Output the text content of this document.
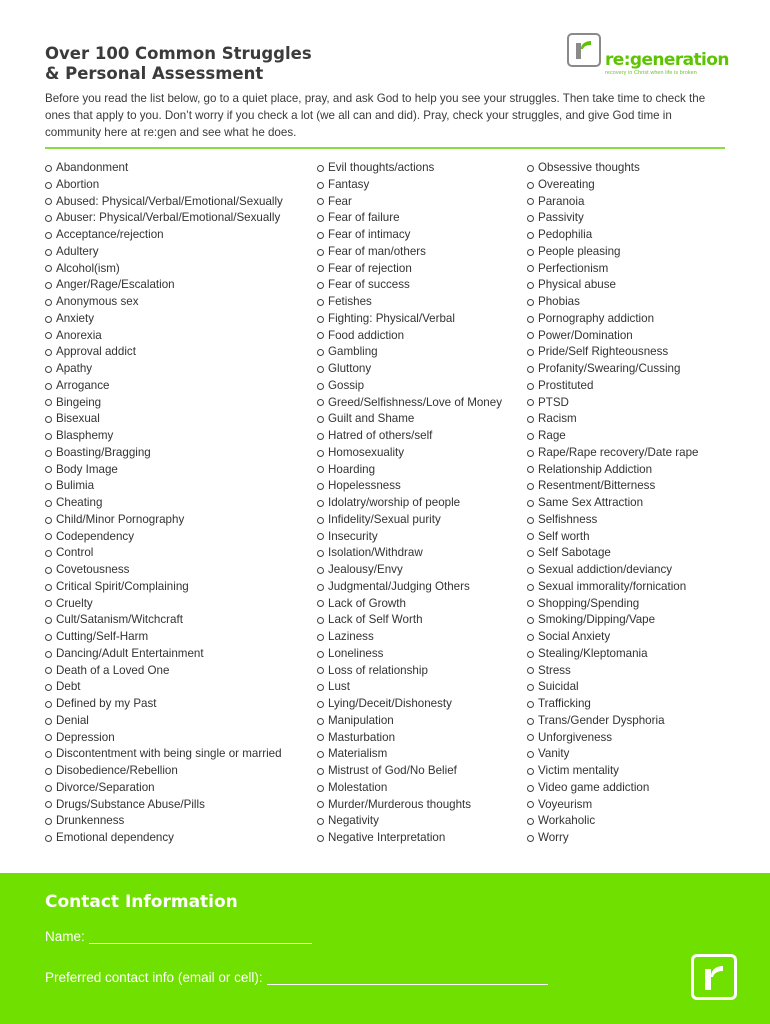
Over 100 Common Struggles
& Personal Assessment
re:generation
recovery in Christ when life is broken

Before you read the list below, go to a quiet place, pray, and ask God to help you see your struggles. Then take time to check the ones that apply to you. Don’t worry if you check a lot (we all can and did). Pray, check your struggles, and give God time in community here at re:gen and see what he does.

Abandonment
Abortion
Abused: Physical/Verbal/Emotional/Sexually
Abuser: Physical/Verbal/Emotional/Sexually
Acceptance/rejection
Adultery
Alcohol(ism)
Anger/Rage/Escalation
Anonymous sex
Anxiety
Anorexia
Approval addict
Apathy
Arrogance
Bingeing
Bisexual
Blasphemy
Boasting/Bragging
Body Image
Bulimia
Cheating
Child/Minor Pornography
Codependency
Control
Covetousness
Critical Spirit/Complaining
Cruelty
Cult/Satanism/Witchcraft
Cutting/Self-Harm
Dancing/Adult Entertainment
Death of a Loved One
Debt
Defined by my Past
Denial
Depression
Discontentment with being single or married
Disobedience/Rebellion
Divorce/Separation
Drugs/Substance Abuse/Pills
Drunkenness
Emotional dependency
Evil thoughts/actions
Fantasy
Fear
Fear of failure
Fear of intimacy
Fear of man/others
Fear of rejection
Fear of success
Fetishes
Fighting: Physical/Verbal
Food addiction
Gambling
Gluttony
Gossip
Greed/Selfishness/Love of Money
Guilt and Shame
Hatred of others/self
Homosexuality
Hoarding
Hopelessness
Idolatry/worship of people
Infidelity/Sexual purity
Insecurity
Isolation/Withdraw
Jealousy/Envy
Judgmental/Judging Others
Lack of Growth
Lack of Self Worth
Laziness
Loneliness
Loss of relationship
Lust
Lying/Deceit/Dishonesty
Manipulation
Masturbation
Materialism
Mistrust of God/No Belief
Molestation
Murder/Murderous thoughts
Negativity
Negative Interpretation
Obsessive thoughts
Overeating
Paranoia
Passivity
Pedophilia
People pleasing
Perfectionism
Physical abuse
Phobias
Pornography addiction
Power/Domination
Pride/Self Righteousness
Profanity/Swearing/Cussing
Prostituted
PTSD
Racism
Rage
Rape/Rape recovery/Date rape
Relationship Addiction
Resentment/Bitterness
Same Sex Attraction
Selfishness
Self worth
Self Sabotage
Sexual addiction/deviancy
Sexual immorality/fornication
Shopping/Spending
Smoking/Dipping/Vape
Social Anxiety
Stealing/Kleptomania
Stress
Suicidal
Trafficking
Trans/Gender Dysphoria
Unforgiveness
Vanity
Victim mentality
Video game addiction
Voyeurism
Workaholic
Worry
Contact Information
Name:
Preferred contact info (email or cell):
